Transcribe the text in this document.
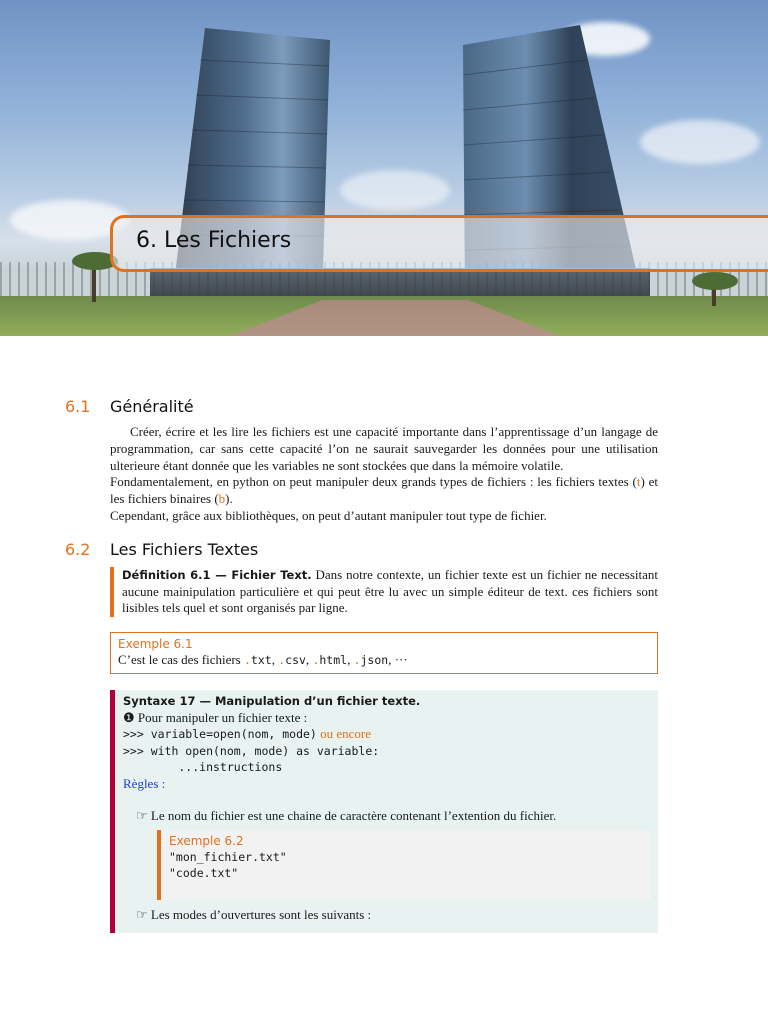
6. Les Fichiers
6.1 Généralité

Créer, écrire et les lire les fichiers est une capacité importante dans l’apprentissage d’un langage de programmation, car sans cette capacité l’on ne saurait sauvegarder les données pour une utilisation ulterieure étant donnée que les variables ne sont stockées que dans la mémoire volatile.

Fondamentalement, en python on peut manipuler deux grands types de fichiers : les fichiers textes (t) et les fichiers binaires (b).

Cependant, grâce aux bibliothèques, on peut d’autant manipuler tout type de fichier.

6.2 Les Fichiers Textes
Définition 6.1 — Fichier Text. Dans notre contexte, un fichier texte est un fichier ne necessitant aucune mainipulation particulière et qui peut être lu avec un simple éditeur de text. ces fichiers sont lisibles tels quel et sont organisés par ligne.
Exemple 6.1
C’est le cas des fichiers .txt, .csv, .html, .json, ···
Syntaxe 17 — Manipulation d’un fichier texte.
❶ Pour manipuler un fichier texte :
>>> variable=open(nom, mode) ou encore
>>> with open(nom, mode) as variable:
...instructions
Règles :
☞ Le nom du fichier est une chaine de caractère contenant l’extention du fichier.
Exemple 6.2
"mon_fichier.txt"
"code.txt"
☞ Les modes d’ouvertures sont les suivants :
